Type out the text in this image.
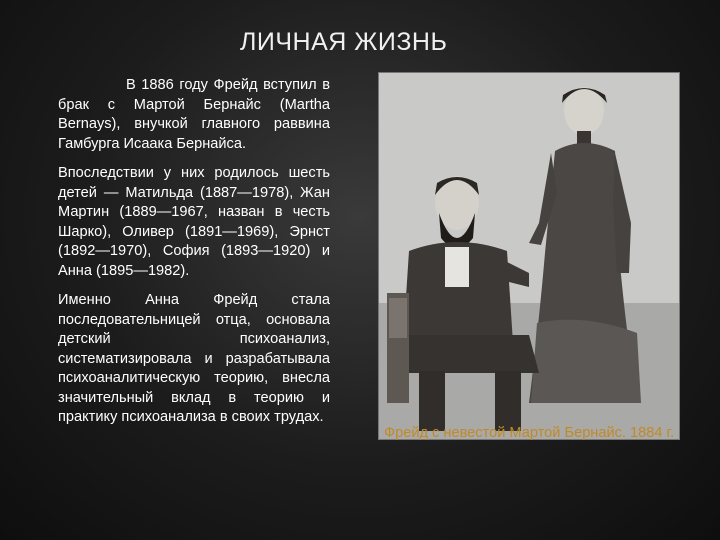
ЛИЧНАЯ ЖИЗНЬ

В 1886 году Фрейд вступил в брак с Мартой Бернайс (Martha Bernays), внучкой главного раввина Гамбурга Исаака Бернайса.

Впоследствии у них родилось шесть детей — Матильда (1887—1978), Жан Мартин (1889—1967, назван в честь Шарко), Оливер (1891—1969), Эрнст (1892—1970), София (1893—1920) и Анна (1895—1982).

Именно Анна Фрейд стала последовательницей отца, основала детский психоанализ, систематизировала и разрабатывала психоаналитическую теорию, внесла значительный вклад в теорию и практику психоанализа в своих трудах.

Фрейд с невестой Мартой Бернайс. 1884 г.
